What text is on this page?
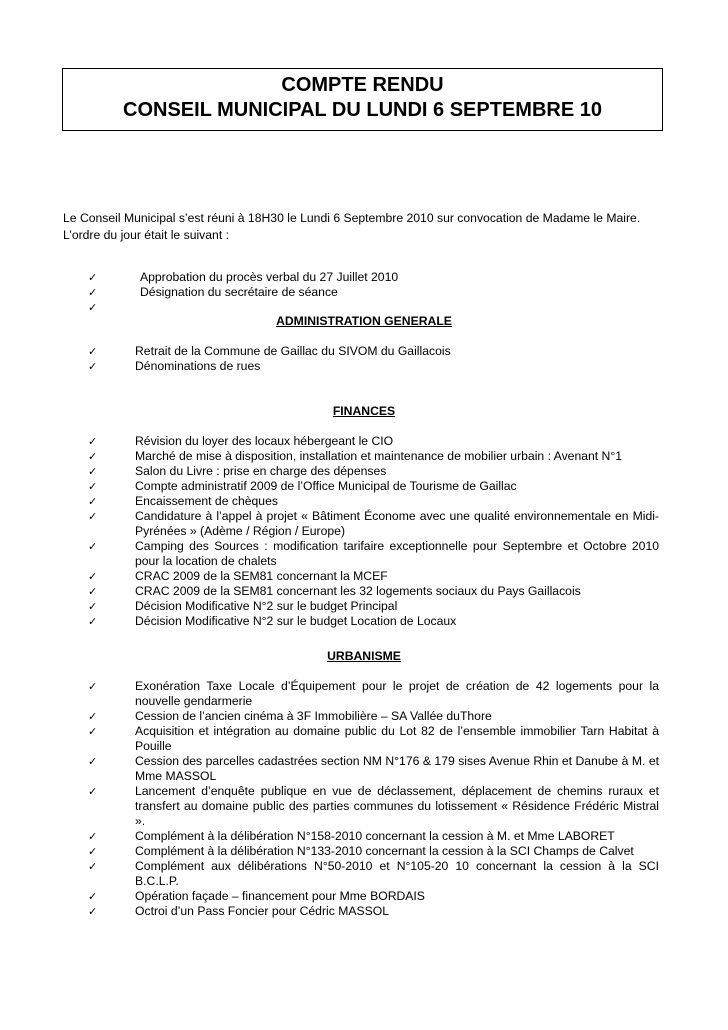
COMPTE RENDU
CONSEIL MUNICIPAL DU LUNDI 6 SEPTEMBRE 10

Le Conseil Municipal s’est réuni à 18H30 le Lundi 6 Septembre 2010 sur convocation de Madame le Maire.

L’ordre du jour était le suivant :

✓	Approbation du procès verbal du 27 Juillet 2010
✓	Désignation du secrétaire de séance
✓

ADMINISTRATION GENERALE
✓	Retrait de la Commune de Gaillac du SIVOM du Gaillacois
✓	Dénominations de rues
FINANCES
✓	Révision du loyer des locaux hébergeant le CIO
✓	Marché de mise à disposition, installation et maintenance de mobilier urbain : Avenant N°1
✓	Salon du Livre : prise en charge des dépenses
✓	Compte administratif 2009 de l’Office Municipal de Tourisme de Gaillac
✓	Encaissement de chèques
✓	Candidature à l’appel à projet « Bâtiment Économe avec une qualité environnementale en Midi-Pyrénées » (Adème / Région / Europe)
✓	Camping des Sources : modification tarifaire exceptionnelle pour Septembre et Octobre 2010 pour la location de chalets
✓	CRAC 2009 de la SEM81 concernant la MCEF
✓	CRAC 2009 de la SEM81 concernant les 32 logements sociaux du Pays Gaillacois
✓	Décision Modificative N°2 sur le budget Principal
✓	Décision Modificative N°2 sur le budget Location de Locaux
URBANISME
✓	Exonération Taxe Locale d’Équipement pour le projet de création de 42 logements pour la nouvelle gendarmerie
✓	Cession de l’ancien cinéma à 3F Immobilière – SA Vallée duThore
✓	Acquisition et intégration au domaine public du Lot 82 de l’ensemble immobilier Tarn Habitat à Pouille
✓	Cession des parcelles cadastrées section NM N°176 & 179 sises Avenue Rhin et Danube à M. et Mme MASSOL
✓	Lancement d’enquête publique en vue de déclassement, déplacement de chemins ruraux et transfert au domaine public des parties communes du lotissement « Résidence Frédéric Mistral ».
✓	Complément à la délibération N°158-2010 concernant la cession à M. et Mme LABORET
✓	Complément à la délibération N°133-2010 concernant la cession à la SCI Champs de Calvet
✓	Complément aux délibérations N°50-2010 et N°105-20 10 concernant la cession à la SCI B.C.L.P.
✓	Opération façade – financement pour Mme BORDAIS
✓	Octroi d’un Pass Foncier pour Cédric MASSOL
